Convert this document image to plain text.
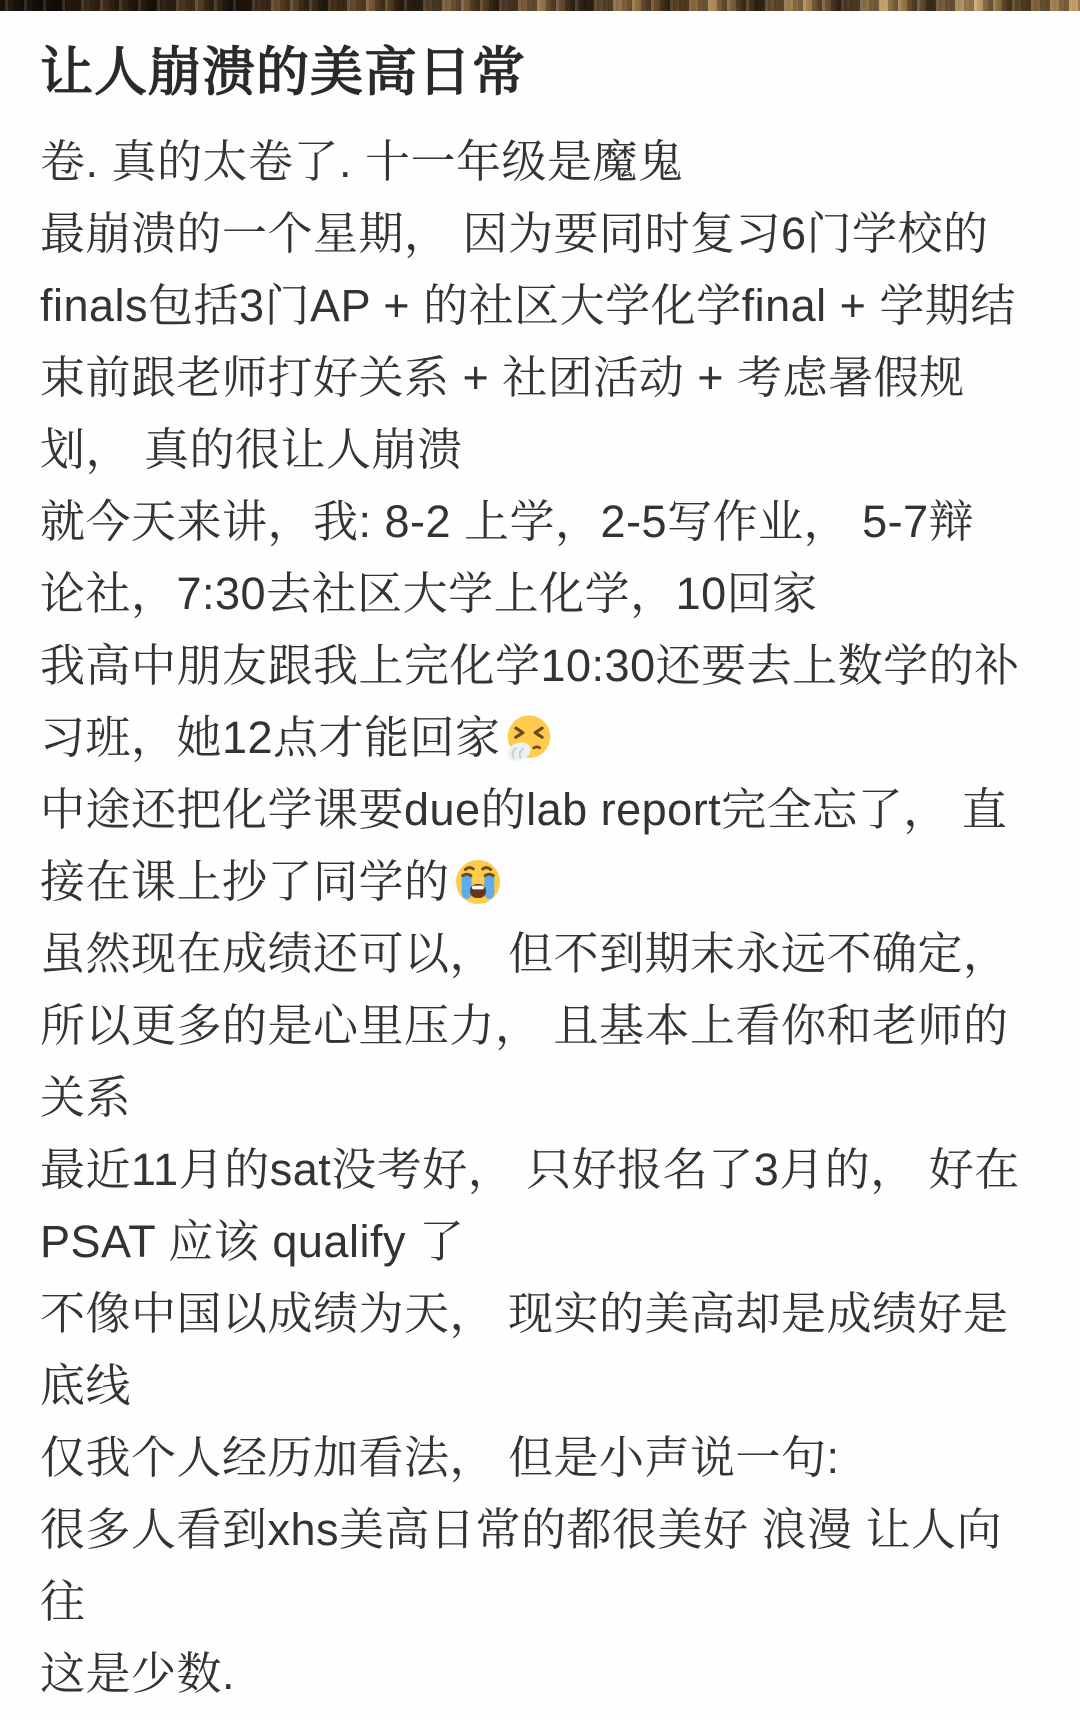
让人崩溃的美高日常
卷. 真的太卷了. 十一年级是魔鬼
最崩溃的一个星期， 因为要同时复习6门学校的
finals包括3门AP + 的社区大学化学final + 学期结
束前跟老师打好关系 + 社团活动 + 考虑暑假规
划， 真的很让人崩溃
就今天来讲，我: 8-2 上学，2-5写作业， 5-7辩
论社，7:30去社区大学上化学，10回家
我高中朋友跟我上完化学10:30还要去上数学的补
习班，她12点才能回家
中途还把化学课要due的lab report完全忘了， 直
接在课上抄了同学的
虽然现在成绩还可以， 但不到期末永远不确定，
所以更多的是心里压力， 且基本上看你和老师的
关系
最近11月的sat没考好， 只好报名了3月的， 好在
PSAT 应该 qualify 了
不像中国以成绩为天， 现实的美高却是成绩好是
底线
仅我个人经历加看法， 但是小声说一句:
很多人看到xhs美高日常的都很美好 浪漫 让人向
往
这是少数.
